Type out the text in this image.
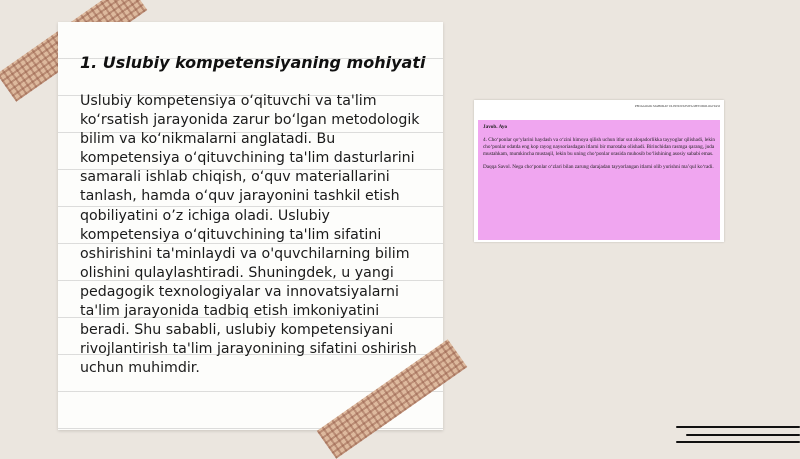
1. Uslubiy kompetensiyaning mohiyati
Uslubiy kompetensiya o‘qituvchi va ta'lim ko‘rsatish jarayonida zarur bo‘lgan metodologik bilim va ko‘nikmalarni anglatadi. Bu kompetensiya o‘qituvchining ta'lim dasturlarini samarali ishlab chiqish, o‘quv materiallarini tanlash, hamda o‘quv jarayonini tashkil etish qobiliyatini o’z ichiga oladi. Uslubiy kompetensiya o‘qituvchining ta'lim sifatini oshirishini ta'minlaydi va o'quvchilarning bilim olishini qulaylashtiradi. Shuningdek, u yangi pedagogik texnologiyalar va innovatsiyalarni ta'lim jarayonida tadbiq etish imkoniyatini beradi. Shu sababli, uslubiy kompetensiyani rivojlantirish ta'lim jarayonining sifatini oshirish uchun muhimdir.
PEDAGOGIK MAHORAT VA INNOVATSIYA METODOLOGIYASI
Javob. Ayo
4. Cho‘ponlar qo‘ylarini haydash va o‘zini himoya qilish uchun itlar sut aloqadorlikka tayyoglar qilishadi, lekin cho‘ponlar odatda eng kop rayog naysoriasdagan itlarni bir marotaba olishadi. Birinchidan rasmga qarang, juda mustahkam, mumkincha mustaqil, lekin bu uning cho‘ponlar orasida muhosib bo‘lishining asosiy sababi emas.
Daqqa Savol. Nega cho‘ponlar o‘zlari bilan zarung darajadan tayyorlangan itlarni olib yurishni ma’qul ko‘radi.
